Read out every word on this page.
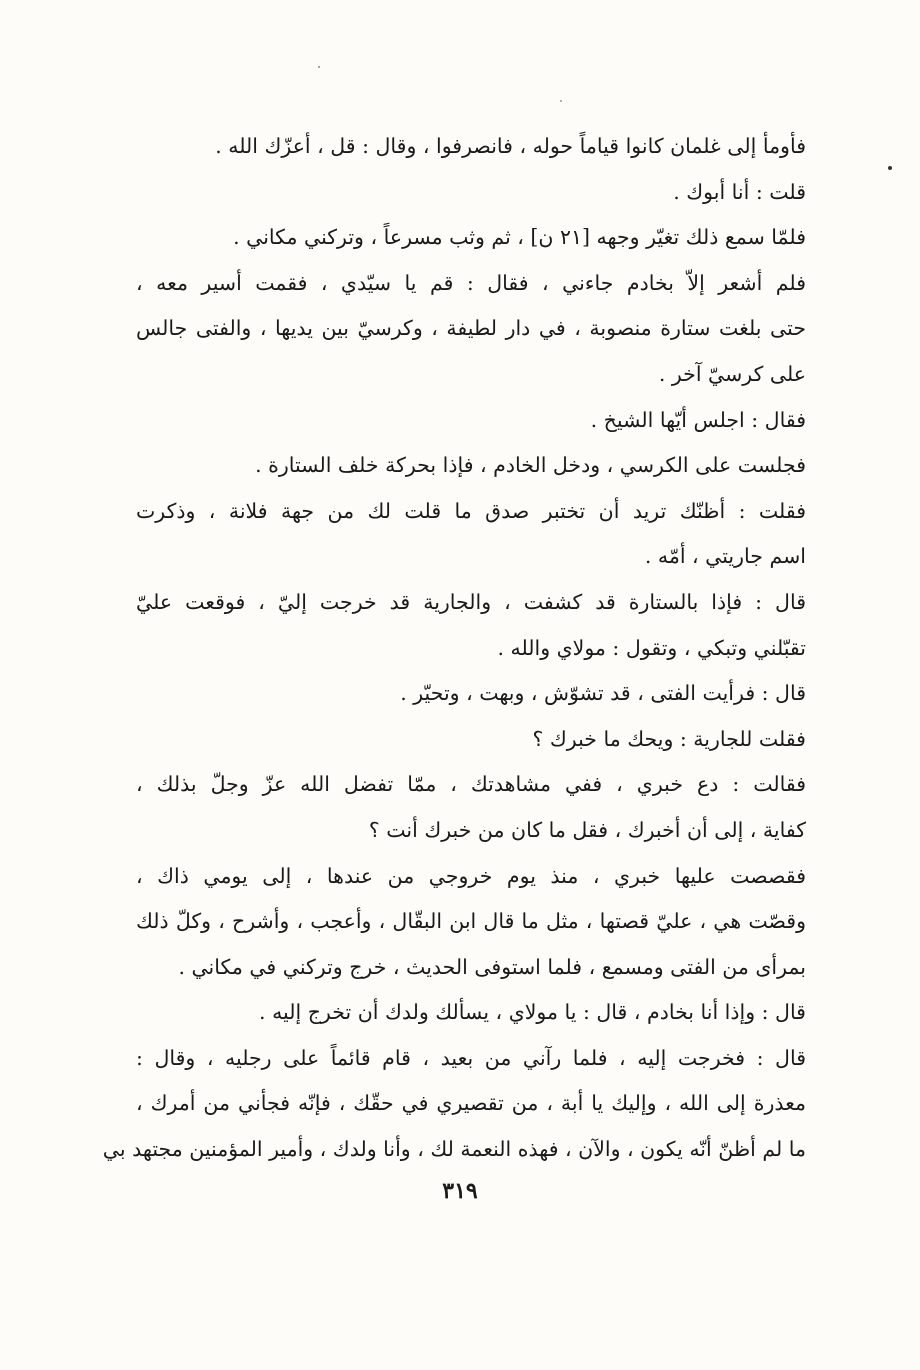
فأومأ إلى غلمان كانوا قياماً حوله ، فانصرفوا ، وقال : قل ، أعزّك الله .
قلت : أنا أبوك .
فلمّا سمع ذلك تغيّر وجهه [٢١ ن] ، ثم وثب مسرعاً ، وتركني مكاني .
فلم أشعر إلاّ بخادم جاءني ، فقال : قم يا سيّدي ، فقمت أسير معه ،
حتى بلغت ستارة منصوبة ، في دار لطيفة ، وكرسيّ بين يديها ، والفتى جالس
على كرسيّ آخر .
فقال : اجلس أيّها الشيخ .
فجلست على الكرسي ، ودخل الخادم ، فإذا بحركة خلف الستارة .
فقلت : أظنّك تريد أن تختبر صدق ما قلت لك من جهة فلانة ، وذكرت
اسم جاريتي ، أمّه .
قال : فإذا بالستارة قد كشفت ، والجارية قد خرجت إليّ ، فوقعت عليّ
تقبّلني وتبكي ، وتقول : مولاي والله .
قال : فرأيت الفتى ، قد تشوّش ، وبهت ، وتحيّر .
فقلت للجارية : ويحك ما خبرك ؟
فقالت : دع خبري ، ففي مشاهدتك ، ممّا تفضل الله عزّ وجلّ بذلك ،
كفاية ، إلى أن أخبرك ، فقل ما كان من خبرك أنت ؟
فقصصت عليها خبري ، منذ يوم خروجي من عندها ، إلى يومي ذاك ،
وقصّت هي ، عليّ قصتها ، مثل ما قال ابن البقّال ، وأعجب ، وأشرح ، وكلّ ذلك
بمرأى من الفتى ومسمع ، فلما استوفى الحديث ، خرج وتركني في مكاني .
قال : وإذا أنا بخادم ، قال : يا مولاي ، يسألك ولدك أن تخرج إليه .
قال : فخرجت إليه ، فلما رآني من بعيد ، قام قائماً على رجليه ، وقال :
معذرة إلى الله ، وإليك يا أبة ، من تقصيري في حقّك ، فإنّه فجأني من أمرك ،
ما لم أظنّ أنّه يكون ، والآن ، فهذه النعمة لك ، وأنا ولدك ، وأمير المؤمنين مجتهد بي
٣١٩
